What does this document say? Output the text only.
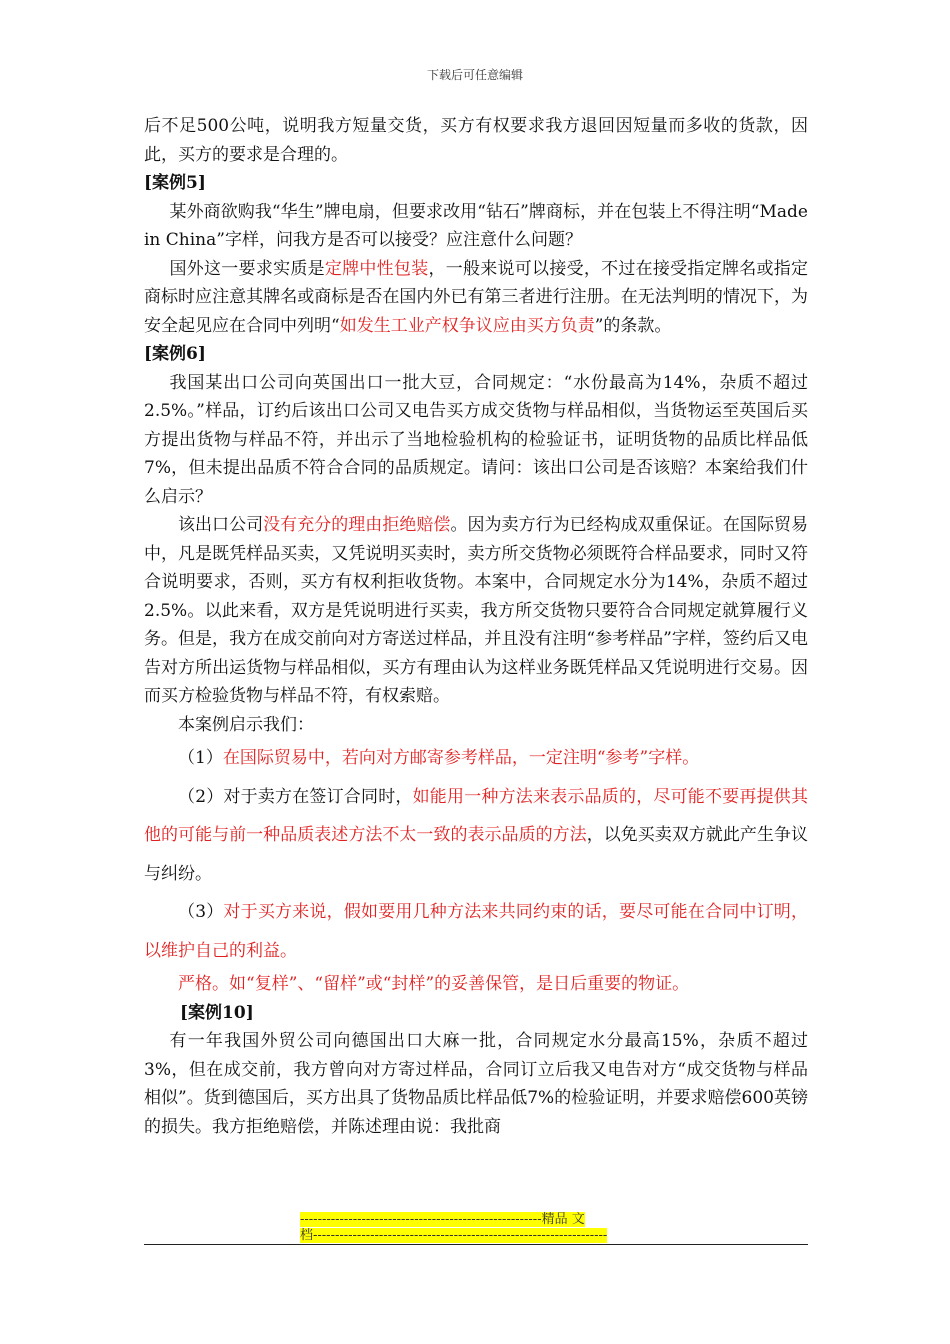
下载后可任意编辑

后不足500公吨，说明我方短量交货，买方有权要求我方退回因短量而多收的货款，因此，买方的要求是合理的。

[案例5]

某外商欲购我“华生”牌电扇，但要求改用“钻石”牌商标，并在包装上不得注明“Made in China”字样，问我方是否可以接受？应注意什么问题？

国外这一要求实质是定牌中性包装，一般来说可以接受，不过在接受指定牌名或指定商标时应注意其牌名或商标是否在国内外已有第三者进行注册。在无法判明的情况下，为安全起见应在合同中列明“如发生工业产权争议应由买方负责”的条款。

[案例6]

我国某出口公司向英国出口一批大豆，合同规定：“水份最高为14%，杂质不超过2.5%。”样品，订约后该出口公司又电告买方成交货物与样品相似，当货物运至英国后买方提出货物与样品不符，并出示了当地检验机构的检验证书，证明货物的品质比样品低7%，但未提出品质不符合合同的品质规定。请问：该出口公司是否该赔？本案给我们什么启示？

该出口公司没有充分的理由拒绝赔偿。因为卖方行为已经构成双重保证。在国际贸易中，凡是既凭样品买卖，又凭说明买卖时，卖方所交货物必须既符合样品要求，同时又符合说明要求，否则，买方有权利拒收货物。本案中，合同规定水分为14%，杂质不超过2.5%。以此来看，双方是凭说明进行买卖，我方所交货物只要符合合同规定就算履行义务。但是，我方在成交前向对方寄送过样品，并且没有注明“参考样品”字样，签约后又电告对方所出运货物与样品相似，买方有理由认为这样业务既凭样品又凭说明进行交易。因而买方检验货物与样品不符，有权索赔。

本案例启示我们：

（1）在国际贸易中，若向对方邮寄参考样品，一定注明“参考”字样。

（2）对于卖方在签订合同时，如能用一种方法来表示品质的，尽可能不要再提供其他的可能与前一种品质表述方法不太一致的表示品质的方法，以免买卖双方就此产生争议与纠纷。

（3）对于买方来说，假如要用几种方法来共同约束的话，要尽可能在合同中订明，以维护自己的利益。

严格。如“复样”、“留样”或“封样”的妥善保管，是日后重要的物证。

[案例10]

有一年我国外贸公司向德国出口大麻一批，合同规定水分最高15%，杂质不超过3%，但在成交前，我方曾向对方寄过样品，合同订立后我又电告对方“成交货物与样品相似”。货到德国后，买方出具了货物品质比样品低7%的检验证明，并要求赔偿600英镑的损失。我方拒绝赔偿，并陈述理由说：我批商

-------------------------------------------------------精品 文
档-------------------------------------------------------------------
